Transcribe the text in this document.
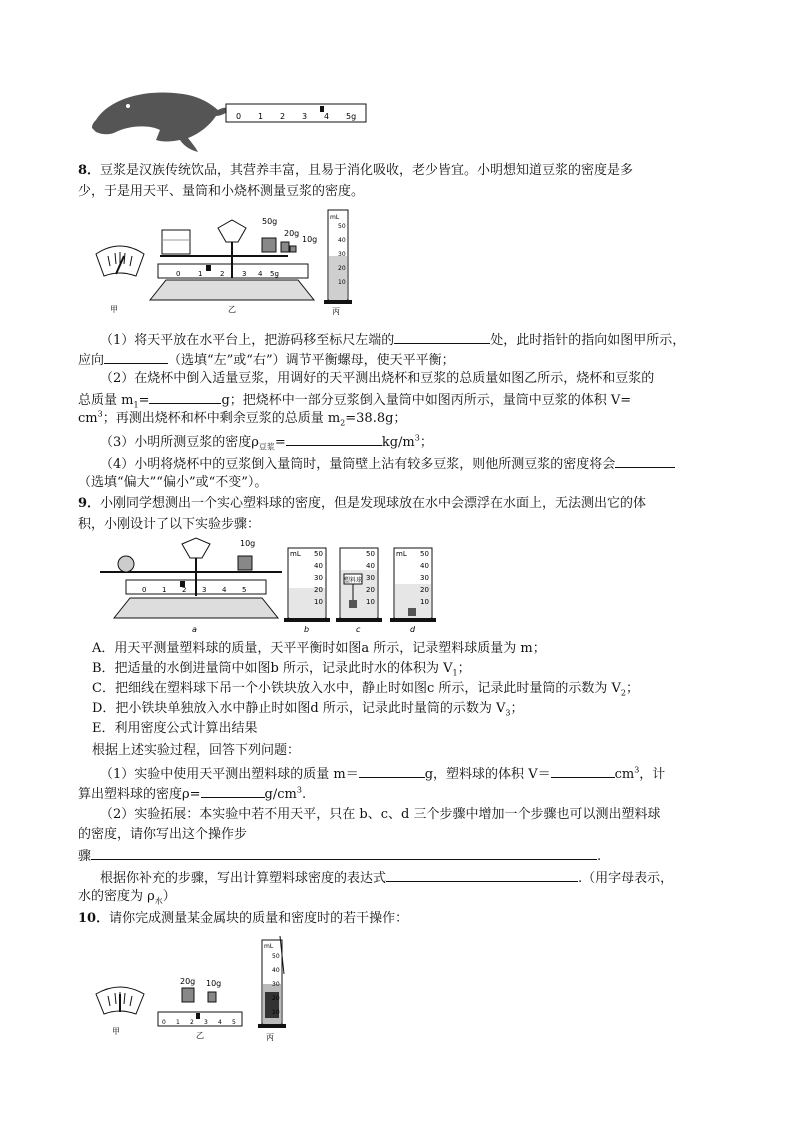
0 1 2 3 4 5g
8．豆浆是汉族传统饮品，其营养丰富，且易于消化吸收，老少皆宜。小明想知道豆浆的密度是多
少，于是用天平、量筒和小烧杯测量豆浆的密度。
甲
0	1	2	3 4 5g
50g
20g
10g
乙
mL
50
40
30
20
10
丙
（1）将天平放在水平台上，把游码移至标尺左端的	处，此时指针的指向如图甲所示，
应向	（选填“左”或“右”）调节平衡螺母，使天平平衡；
（2）在烧杯中倒入适量豆浆，用调好的天平测出烧杯和豆浆的总质量如图乙所示，烧杯和豆浆的
总质量 $m_1=$	g；把烧杯中一部分豆浆倒入量筒中如图丙所示，量筒中豆浆的体积 V=
$cm^3$；再测出烧杯和杯中剩余豆浆的总质量 $m_2=38.8g$；
（3）小明所测豆浆的密度$\rho_{豆浆}=$	$kg/m^3$；
（4）小明将烧杯中的豆浆倒入量筒时，量筒壁上沾有较多豆浆，则他所测豆浆的密度将会
（选填“偏大”“偏小”或“不变”）。
9．小刚同学想测出一个实心塑料球的密度，但是发现球放在水中会漂浮在水面上，无法测出它的体
积，小刚设计了以下实验步骤：
0 1 2 3 4 5
10g
a
mL 50
40
30
20
10
b
塑料球
50
40
30
20
10
c
mL 50
40
30
20
10
d
A．用天平测量塑料球的质量，天平平衡时如图a 所示，记录塑料球质量为 m；
B．把适量的水倒进量筒中如图b 所示，记录此时水的体积为 $V_1$；
C．把细线在塑料球下吊一个小铁块放入水中，静止时如图c 所示，记录此时量筒的示数为 $V_2$；
D．把小铁块单独放入水中静止时如图d 所示，记录此时量筒的示数为 $V_3$；
E．利用密度公式计算出结果
根据上述实验过程，回答下列问题：
（1）实验中使用天平测出塑料球的质量 m＝	g，塑料球的体积 V＝	$cm^3$，计
算出塑料球的密度ρ=	$g/cm^3$.
（2）实验拓展：本实验中若不用天平，只在 b、c、d 三个步骤中增加一个步骤也可以测出塑料球
的密度，请你写出这个操作步
骤	.
根据你补充的步骤，写出计算塑料球密度的表达式	.（用字母表示，
水的密度为 $\rho_水$）
10．请你完成测量某金属块的质量和密度时的若干操作：
甲
20g 10g
0 1 2 3 4 5
乙
mL
50
40
30
20
10
丙
